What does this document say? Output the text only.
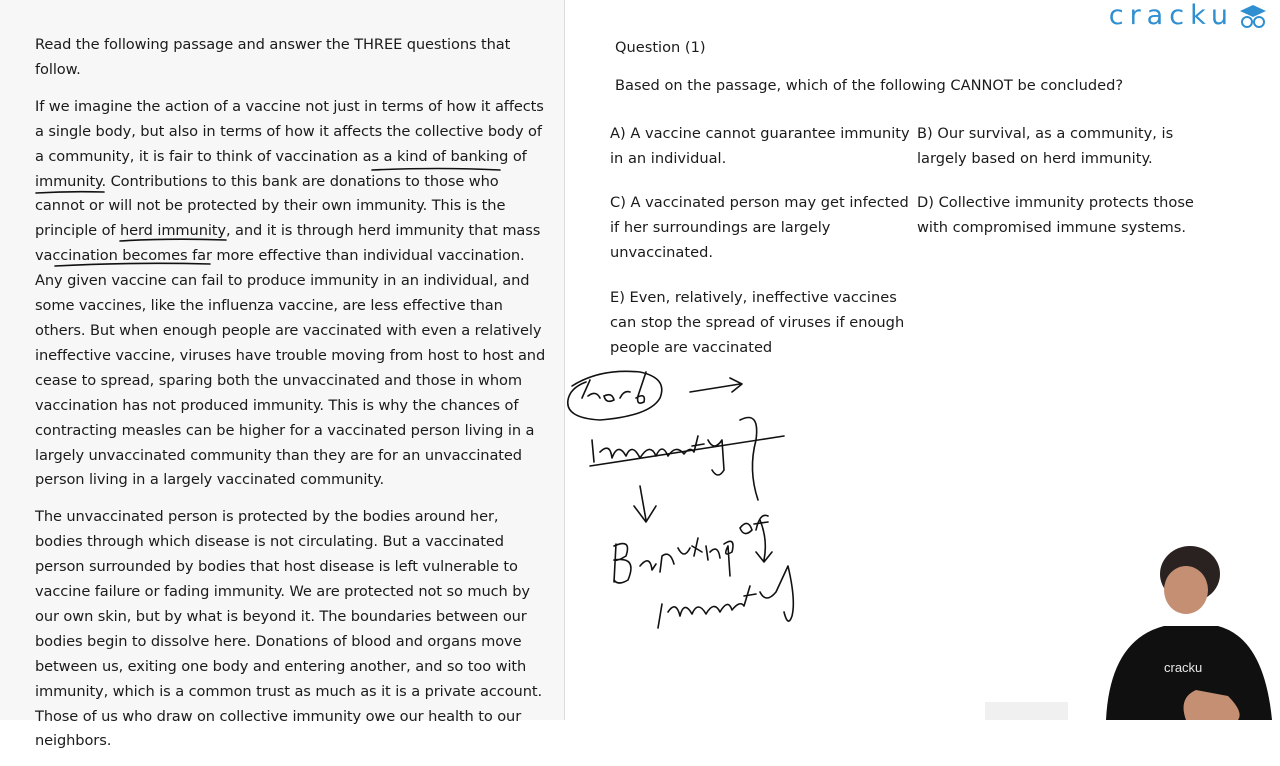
Read the following passage and answer the THREE questions that follow.

If we imagine the action of a vaccine not just in terms of how it affects a single body, but also in terms of how it affects the collective body of a community, it is fair to think of vaccination as a kind of banking of immunity. Contributions to this bank are donations to those who cannot or will not be protected by their own immunity. This is the principle of herd immunity, and it is through herd immunity that mass vaccination becomes far more effective than individual vaccination. Any given vaccine can fail to produce immunity in an individual, and some vaccines, like the influenza vaccine, are less effective than others. But when enough people are vaccinated with even a relatively ineffective vaccine, viruses have trouble moving from host to host and cease to spread, sparing both the unvaccinated and those in whom vaccination has not produced immunity. This is why the chances of contracting measles can be higher for a vaccinated person living in a largely unvaccinated community than they are for an unvaccinated person living in a largely vaccinated community.

The unvaccinated person is protected by the bodies around her, bodies through which disease is not circulating. But a vaccinated person surrounded by bodies that host disease is left vulnerable to vaccine failure or fading immunity. We are protected not so much by our own skin, but by what is beyond it. The boundaries between our bodies begin to dissolve here. Donations of blood and organs move between us, exiting one body and entering another, and so too with immunity, which is a common trust as much as it is a private account. Those of us who draw on collective immunity owe our health to our neighbors.

Question (1)
Based on the passage, which of the following CANNOT be concluded?
A) A vaccine cannot guarantee immunity in an individual.
B) Our survival, as a community, is largely based on herd immunity.
C) A vaccinated person may get infected if her surroundings are largely unvaccinated.
D) Collective immunity protects those with compromised immune systems.
E) Even, relatively, ineffective vaccines can stop the spread of viruses if enough people are vaccinated
cracku
cracku
